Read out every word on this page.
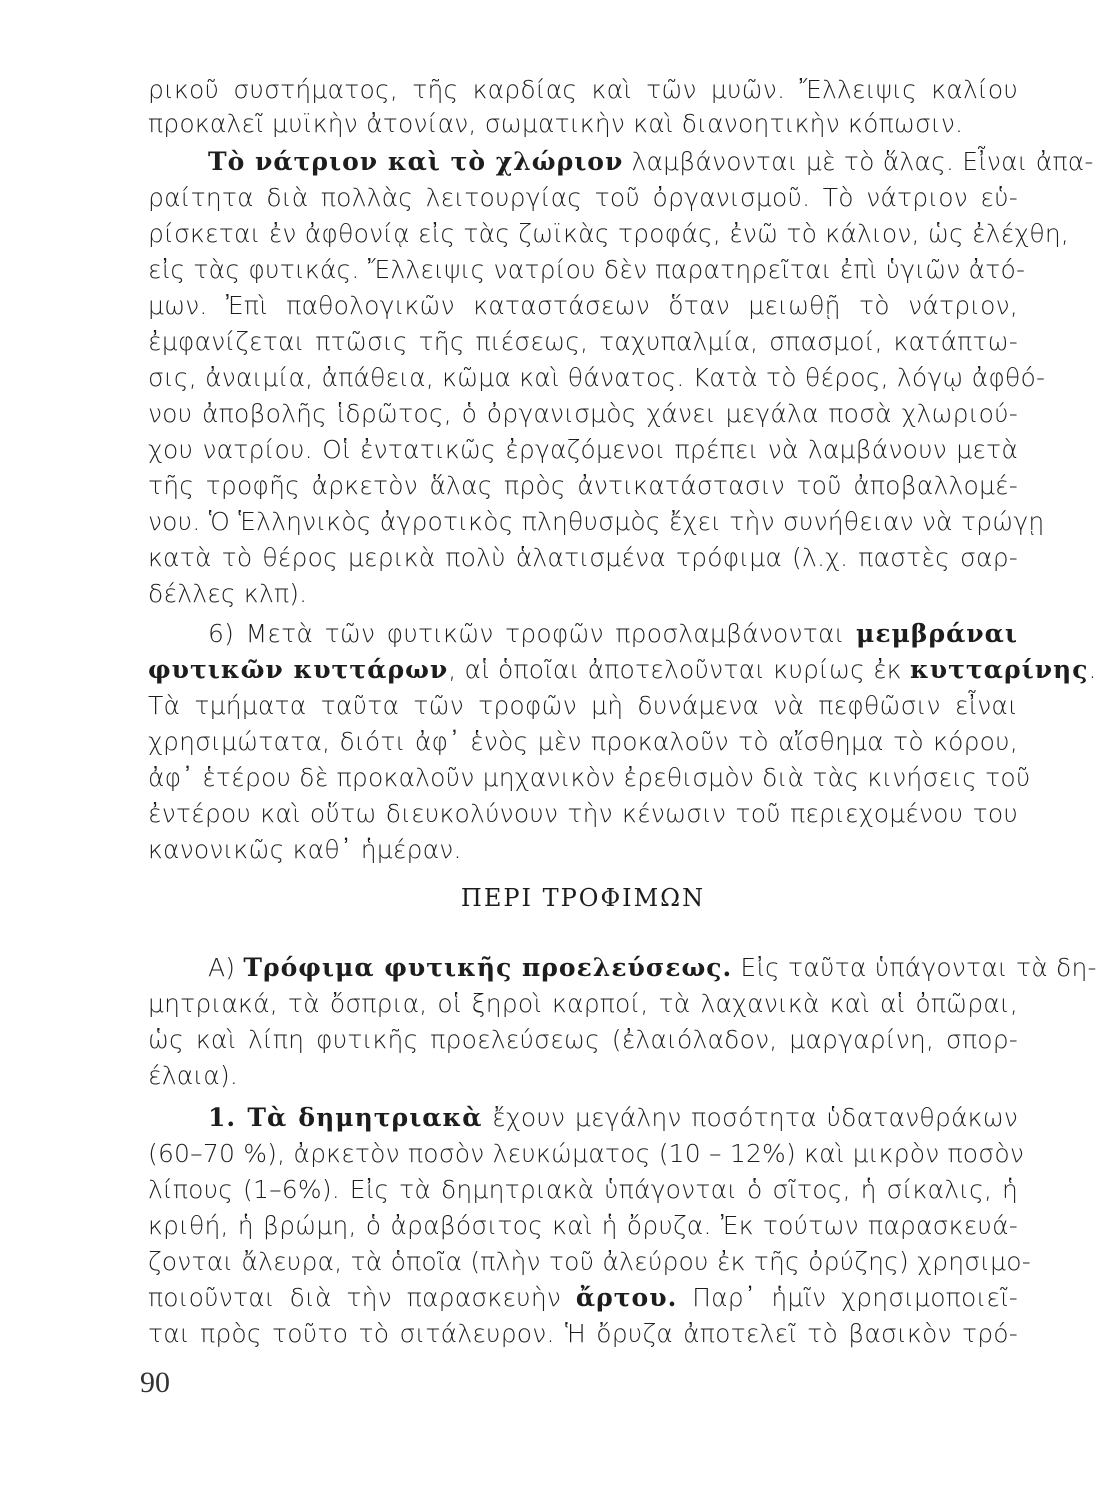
ρικοῦ συστήματος, τῆς καρδίας καὶ τῶν μυῶν. Ἔλλειψις καλίου
προκαλεῖ μυϊκὴν ἀτονίαν, σωματικὴν καὶ διανοητικὴν κόπωσιν.
Τὸ νάτριον καὶ τὸ χλώριον λαμβάνονται μὲ τὸ ἅλας. Εἶναι ἀπα-
ραίτητα διὰ πολλὰς λειτουργίας τοῦ ὀργανισμοῦ. Τὸ νάτριον εὑ-
ρίσκεται ἐν ἀφθονίᾳ εἰς τὰς ζωϊκὰς τροφάς, ἐνῶ τὸ κάλιον, ὡς ἐλέχθη,
εἰς τὰς φυτικάς. Ἔλλειψις νατρίου δὲν παρατηρεῖται ἐπὶ ὑγιῶν ἀτό-
μων. Ἐπὶ παθολογικῶν καταστάσεων ὅταν μειωθῇ τὸ νάτριον,
ἐμφανίζεται πτῶσις τῆς πιέσεως, ταχυπαλμία, σπασμοί, κατάπτω-
σις, ἀναιμία, ἀπάθεια, κῶμα καὶ θάνατος. Κατὰ τὸ θέρος, λόγῳ ἀφθό-
νου ἀποβολῆς ἱδρῶτος, ὁ ὀργανισμὸς χάνει μεγάλα ποσὰ χλωριού-
χου νατρίου. Οἱ ἐντατικῶς ἐργαζόμενοι πρέπει νὰ λαμβάνουν μετὰ
τῆς τροφῆς ἀρκετὸν ἅλας πρὸς ἀντικατάστασιν τοῦ ἀποβαλλομέ-
νου. Ὁ Ἑλληνικὸς ἀγροτικὸς πληθυσμὸς ἔχει τὴν συνήθειαν νὰ τρώγῃ
κατὰ τὸ θέρος μερικὰ πολὺ ἁλατισμένα τρόφιμα (λ.χ. παστὲς σαρ-
δέλλες κλπ).
6) Μετὰ τῶν φυτικῶν τροφῶν προσλαμβάνονται μεμβράναι
φυτικῶν κυττάρων, αἱ ὁποῖαι ἀποτελοῦνται κυρίως ἐκ κυτταρίνης.
Τὰ τμήματα ταῦτα τῶν τροφῶν μὴ δυνάμενα νὰ πεφθῶσιν εἶναι
χρησιμώτατα, διότι ἀφ᾽ ἑνὸς μὲν προκαλοῦν τὸ αἴσθημα τὸ κόρου,
ἀφ᾽ ἑτέρου δὲ προκαλοῦν μηχανικὸν ἐρεθισμὸν διὰ τὰς κινήσεις τοῦ
ἐντέρου καὶ οὕτω διευκολύνουν τὴν κένωσιν τοῦ περιεχομένου του
κανονικῶς καθ᾽ ἡμέραν.
ΠΕΡΙ ΤΡΟΦΙΜΩΝ
Α) Τρόφιμα φυτικῆς προελεύσεως. Εἰς ταῦτα ὑπάγονται τὰ δη-
μητριακά, τὰ ὄσπρια, οἱ ξηροὶ καρποί, τὰ λαχανικὰ καὶ αἱ ὀπῶραι,
ὡς καὶ λίπη φυτικῆς προελεύσεως (ἐλαιόλαδον, μαργαρίνη, σπορ-
έλαια).
1. Τὰ δημητριακὰ ἔχουν μεγάλην ποσότητα ὑδατανθράκων
(60–70 %), ἀρκετὸν ποσὸν λευκώματος (10 – 12%) καὶ μικρὸν ποσὸν
λίπους (1–6%). Εἰς τὰ δημητριακὰ ὑπάγονται ὁ σῖτος, ἡ σίκαλις, ἡ
κριθή, ἡ βρώμη, ὁ ἀραβόσιτος καὶ ἡ ὄρυζα. Ἐκ τούτων παρασκευά-
ζονται ἄλευρα, τὰ ὁποῖα (πλὴν τοῦ ἀλεύρου ἐκ τῆς ὀρύζης) χρησιμο-
ποιοῦνται διὰ τὴν παρασκευὴν ἄρτου. Παρ᾽ ἡμῖν χρησιμοποιεῖ-
ται πρὸς τοῦτο τὸ σιτάλευρον. Ἡ ὄρυζα ἀποτελεῖ τὸ βασικὸν τρό-
90
